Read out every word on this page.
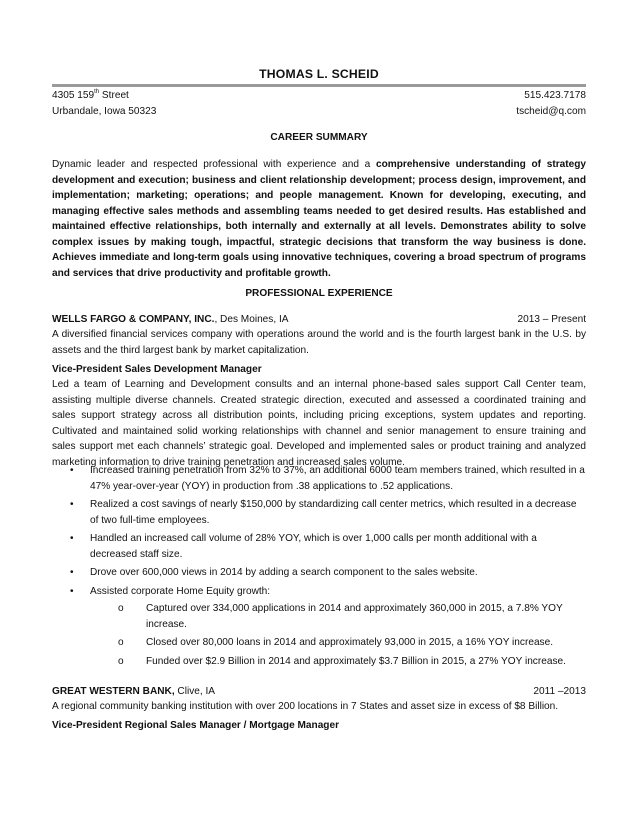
THOMAS L. SCHEID
4305 159th Street	515.423.7178
Urbandale, Iowa 50323	tscheid@q.com
CAREER SUMMARY
Dynamic leader and respected professional with experience and a comprehensive understanding of strategy development and execution; business and client relationship development; process design, improvement, and implementation; marketing; operations; and people management. Known for developing, executing, and managing effective sales methods and assembling teams needed to get desired results. Has established and maintained effective relationships, both internally and externally at all levels. Demonstrates ability to solve complex issues by making tough, impactful, strategic decisions that transform the way business is done. Achieves immediate and long-term goals using innovative techniques, covering a broad spectrum of programs and services that drive productivity and profitable growth.
PROFESSIONAL EXPERIENCE
WELLS FARGO & COMPANY, INC., Des Moines, IA	2013 – Present
A diversified financial services company with operations around the world and is the fourth largest bank in the U.S. by assets and the third largest bank by market capitalization.
Vice-President Sales Development Manager
Led a team of Learning and Development consults and an internal phone-based sales support Call Center team, assisting multiple diverse channels. Created strategic direction, executed and assessed a coordinated training and sales support strategy across all distribution points, including pricing exceptions, system updates and reporting. Cultivated and maintained solid working relationships with channel and senior management to ensure training and sales support met each channels’ strategic goal. Developed and implemented sales or product training and analyzed marketing information to drive training penetration and increased sales volume.
• Increased training penetration from 32% to 37%, an additional 6000 team members trained, which resulted in a 47% year-over-year (YOY) in production from .38 applications to .52 applications.
• Realized a cost savings of nearly $150,000 by standardizing call center metrics, which resulted in a decrease of two full-time employees.
• Handled an increased call volume of 28% YOY, which is over 1,000 calls per month additional with a decreased staff size.
• Drove over 600,000 views in 2014 by adding a search component to the sales website.
• Assisted corporate Home Equity growth:
o Captured over 334,000 applications in 2014 and approximately 360,000 in 2015, a 7.8% YOY increase.
o Closed over 80,000 loans in 2014 and approximately 93,000 in 2015, a 16% YOY increase.
o Funded over $2.9 Billion in 2014 and approximately $3.7 Billion in 2015, a 27% YOY increase.
GREAT WESTERN BANK, Clive, IA	2011 –2013
A regional community banking institution with over 200 locations in 7 States and asset size in excess of $8 Billion.
Vice-President Regional Sales Manager / Mortgage Manager
